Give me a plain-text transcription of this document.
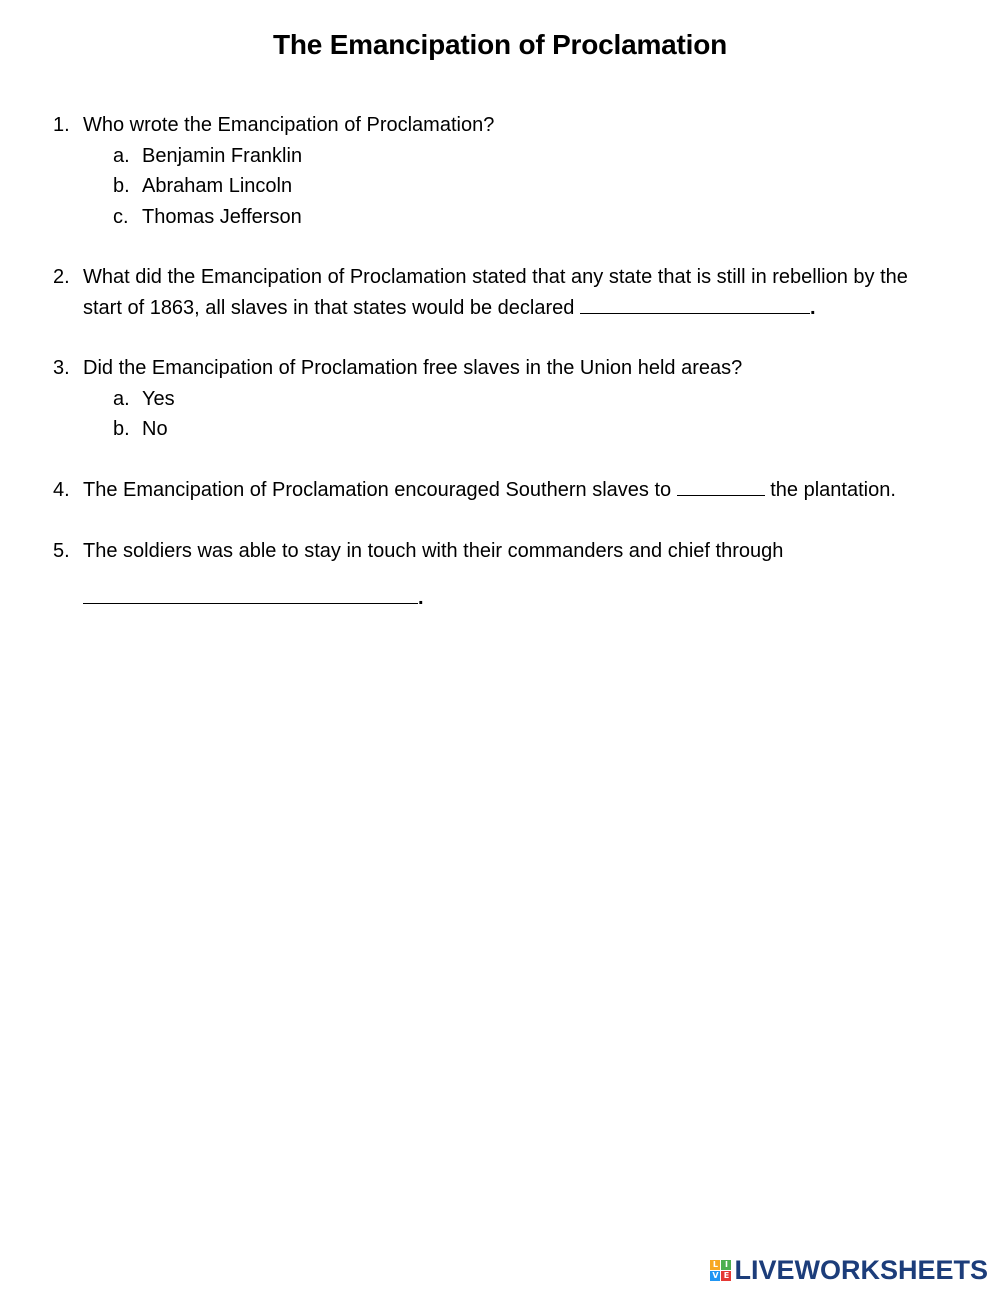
The Emancipation of Proclamation
1. Who wrote the Emancipation of Proclamation?
a. Benjamin Franklin
b. Abraham Lincoln
c. Thomas Jefferson
2. What did the Emancipation of Proclamation stated that any state that is still in rebellion by the
start of 1863, all slaves in that states would be declared	.
3. Did the Emancipation of Proclamation free slaves in the Union held areas?
a. Yes
b. No
4. The Emancipation of Proclamation encouraged Southern slaves to	the plantation.
5. The soldiers was able to stay in touch with their commanders and chief through
.
L I
V E LIVEWORKSHEETS
